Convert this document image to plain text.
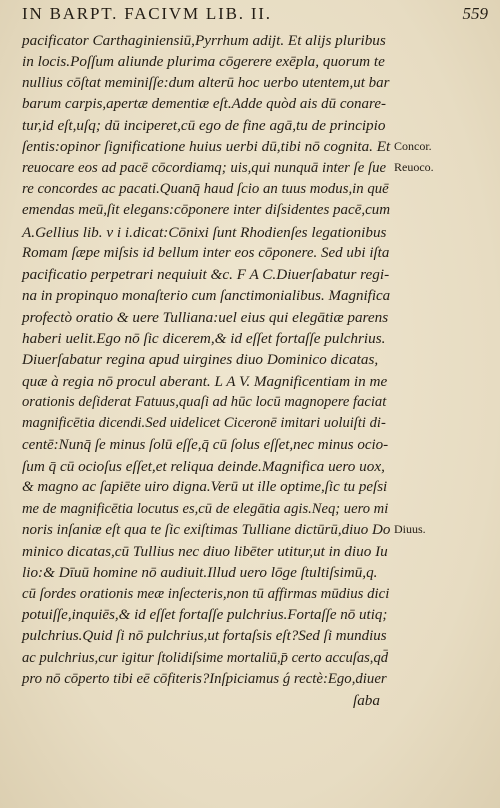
IN BARPT. FACIVM LIB. II.	559
pacificator Carthaginiensiū,Pyrrhum adijt. Et alijs pluribus
in locis.Poſſum aliunde plurima cōgerere exēpla, quorum te
nullius cōſtat meminiſſe:dum alterū hoc uerbo utentem,ut bar
barum carpis,apertæ dementiæ eſt.Adde quòd ais dū conare-
tur,id eſt,uſq; dū inciperet,cū ego de fine agā,tu de principio
ſentis:opinor ſignificatione huius uerbi dū,tibi nō cognita. Et
reuocare eos ad pacē cōcordiamq; uis,qui nunquā inter ſe ſue
re concordes ac pacati.Quanq̄ haud ſcio an tuus modus,in quē
emendas meū,ſit elegans:cōponere inter diſsidentes pacē,cum
A.Gellius lib. v i i.dicat:Cōnixi ſunt Rhodienſes legationibus
Romam ſæpe miſsis id bellum inter eos cōponere. Sed ubi iſta
pacificatio perpetrari nequiuit &c. F A C.Diuerſabatur regi-
na in propinquo monaſterio cum ſanctimonialibus. Magnifica
profectò oratio & uere Tulliana:uel eius qui elegātiæ parens
haberi uelit.Ego nō ſic dicerem,& id eſſet fortaſſe pulchrius.
Diuerſabatur regina apud uirgines diuo Dominico dicatas,
quæ à regia nō procul aberant. L A V. Magnificentiam in me
orationis deſiderat Fatuus,quaſi ad hūc locū magnopere faciat
magnificētia dicendi.Sed uidelicet Ciceronē imitari uoluiſti di-
centē:Nunq̄ ſe minus ſolū eſſe,q̄ cū ſolus eſſet,nec minus ocio-
ſum q̄ cū ocioſus eſſet,et reliqua deinde.Magnifica uero uox,
& magno ac ſapiēte uiro digna.Verū ut ille optime,ſic tu peſsi
me de magnificētia locutus es,cū de elegātia agis.Neq; uero mi
noris inſaniæ eſt qua te ſic exiſtimas Tulliane dictūrū,diuo Do
minico dicatas,cū Tullius nec diuo libēter utitur,ut in diuo Iu
lio:& Dīuū homine nō audiuit.Illud uero lōge ſtultiſsimū,q.
cū ſordes orationis meæ inſecteris,non tū affirmas mūdius dici
potuiſſe,inquiēs,& id eſſet fortaſſe pulchrius.Fortaſſe nō utiq;
pulchrius.Quid ſi nō pulchrius,ut fortaſsis eſt?Sed ſi mundius
ac pulchrius,cur igitur ſtolidiſsime mortaliū,p̄ certo accuſas,qd̄
pro nō cōperto tibi eē cōfiteris?Inſpiciamus ǵ rectè:Ego,diuer
ſaba
Concor.
Reuoco.
Diuus.
